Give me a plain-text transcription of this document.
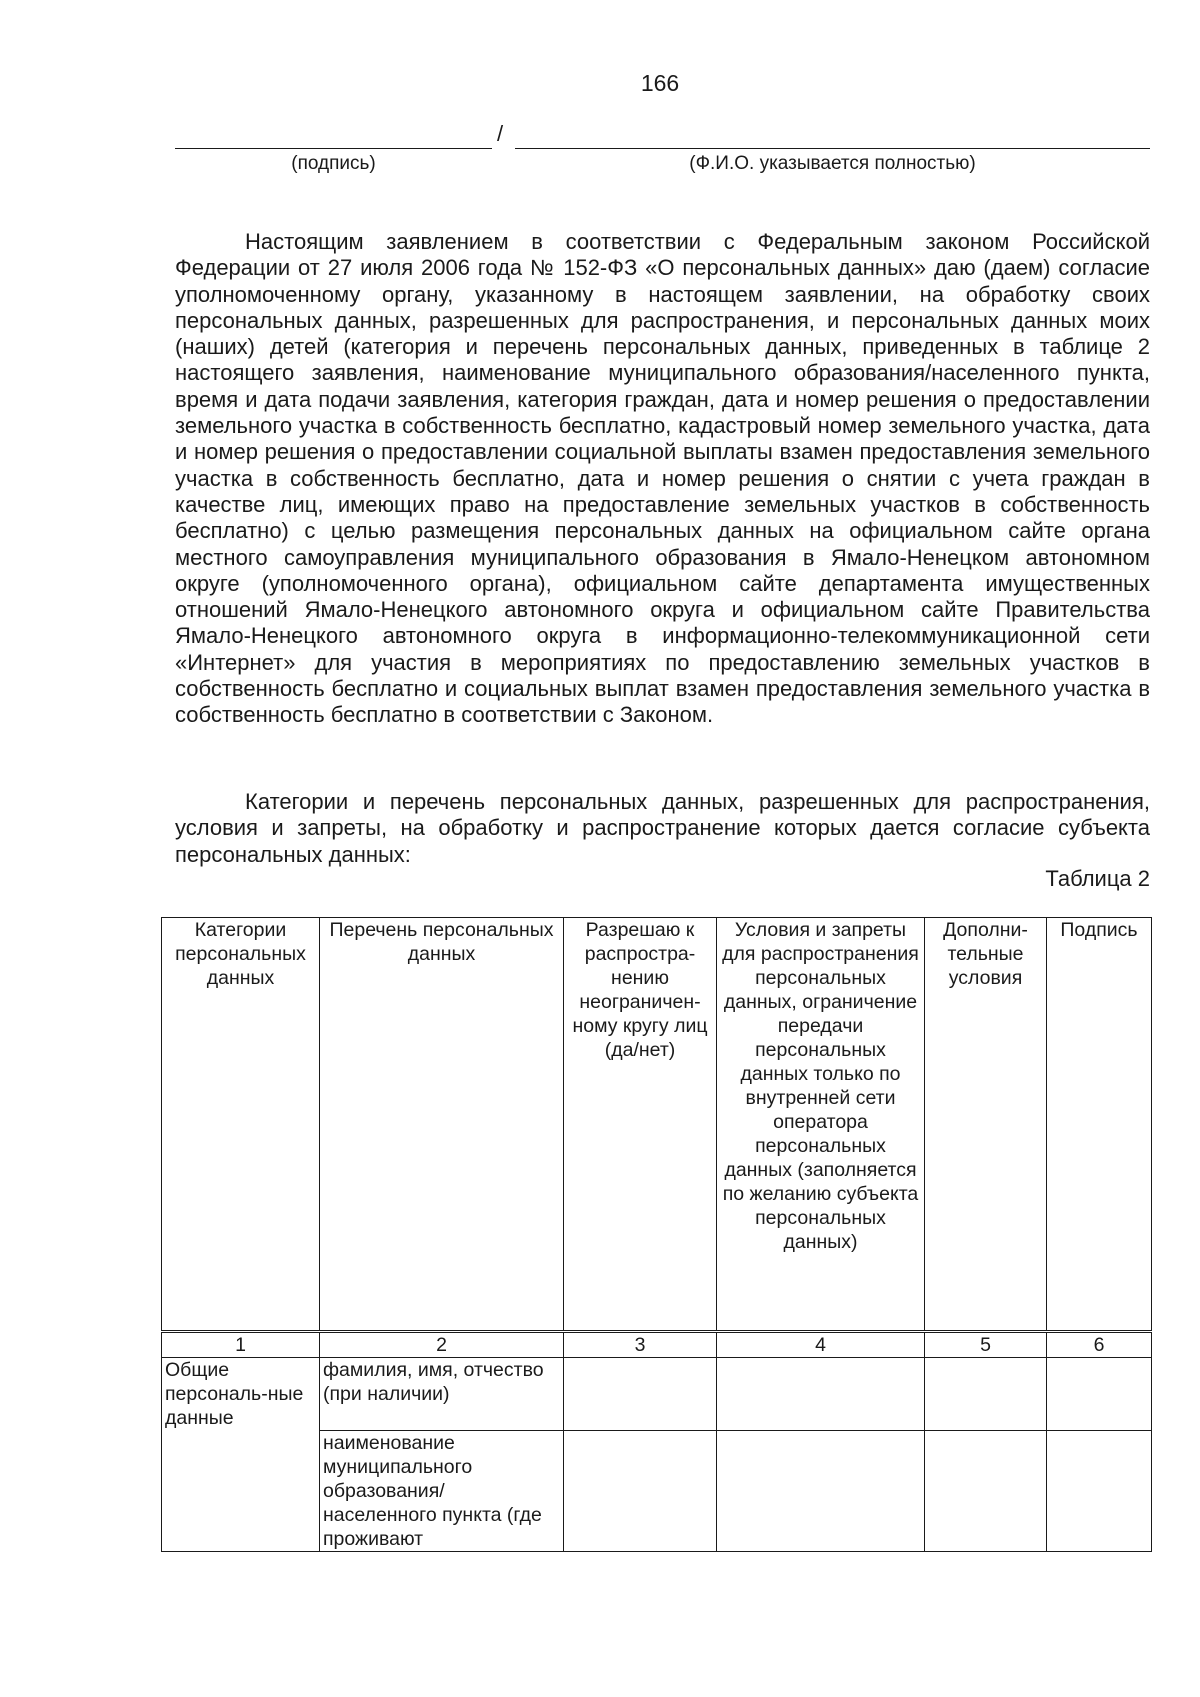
166
/
(подпись)	(Ф.И.О. указывается полностью)

Настоящим заявлением в соответствии с Федеральным законом Российской Федерации от 27 июля 2006 года № 152-ФЗ «О персональных данных» даю (даем) согласие уполномоченному органу, указанному в настоящем заявлении, на обработку своих персональных данных, разрешенных для распространения, и персональных данных моих (наших) детей (категория и перечень персональных данных, приведенных в таблице 2 настоящего заявления, наименование муниципального образования/населенного пункта, время и дата подачи заявления, категория граждан, дата и номер решения о предоставлении земельного участка в собственность бесплатно, кадастровый номер земельного участка, дата и номер решения о предоставлении социальной выплаты взамен предоставления земельного участка в собственность бесплатно, дата и номер решения о снятии с учета граждан в качестве лиц, имеющих право на предоставление земельных участков в собственность бесплатно) с целью размещения персональных данных на официальном сайте органа местного самоуправления муниципального образования в Ямало-Ненецком автономном округе (уполномоченного органа), официальном сайте департамента имущественных отношений Ямало-Ненецкого автономного округа и официальном сайте Правительства Ямало-Ненецкого автономного округа в информационно-телекоммуникационной сети «Интернет» для участия в мероприятиях по предоставлению земельных участков в собственность бесплатно и социальных выплат взамен предоставления земельного участка в собственность бесплатно в соответствии с Законом.

Категории и перечень персональных данных, разрешенных для распространения, условия и запреты, на обработку и распространение которых дается согласие субъекта персональных данных:

Таблица 2
Категории персональных данных	Перечень персональных данных	Разрешаю к распростра-нению неограничен-ному кругу лиц (да/нет)	Условия и запреты для распространения персональных данных, ограничение передачи персональных данных только по внутренней сети оператора персональных данных (заполняется по желанию субъекта персональных данных)	Дополни-тельные условия	Подпись
1	2	3	4	5	6
Общие персональ-ные данные	фамилия, имя, отчество (при наличии)				
	наименование муниципального образования/ населенного пункта (где проживают				
